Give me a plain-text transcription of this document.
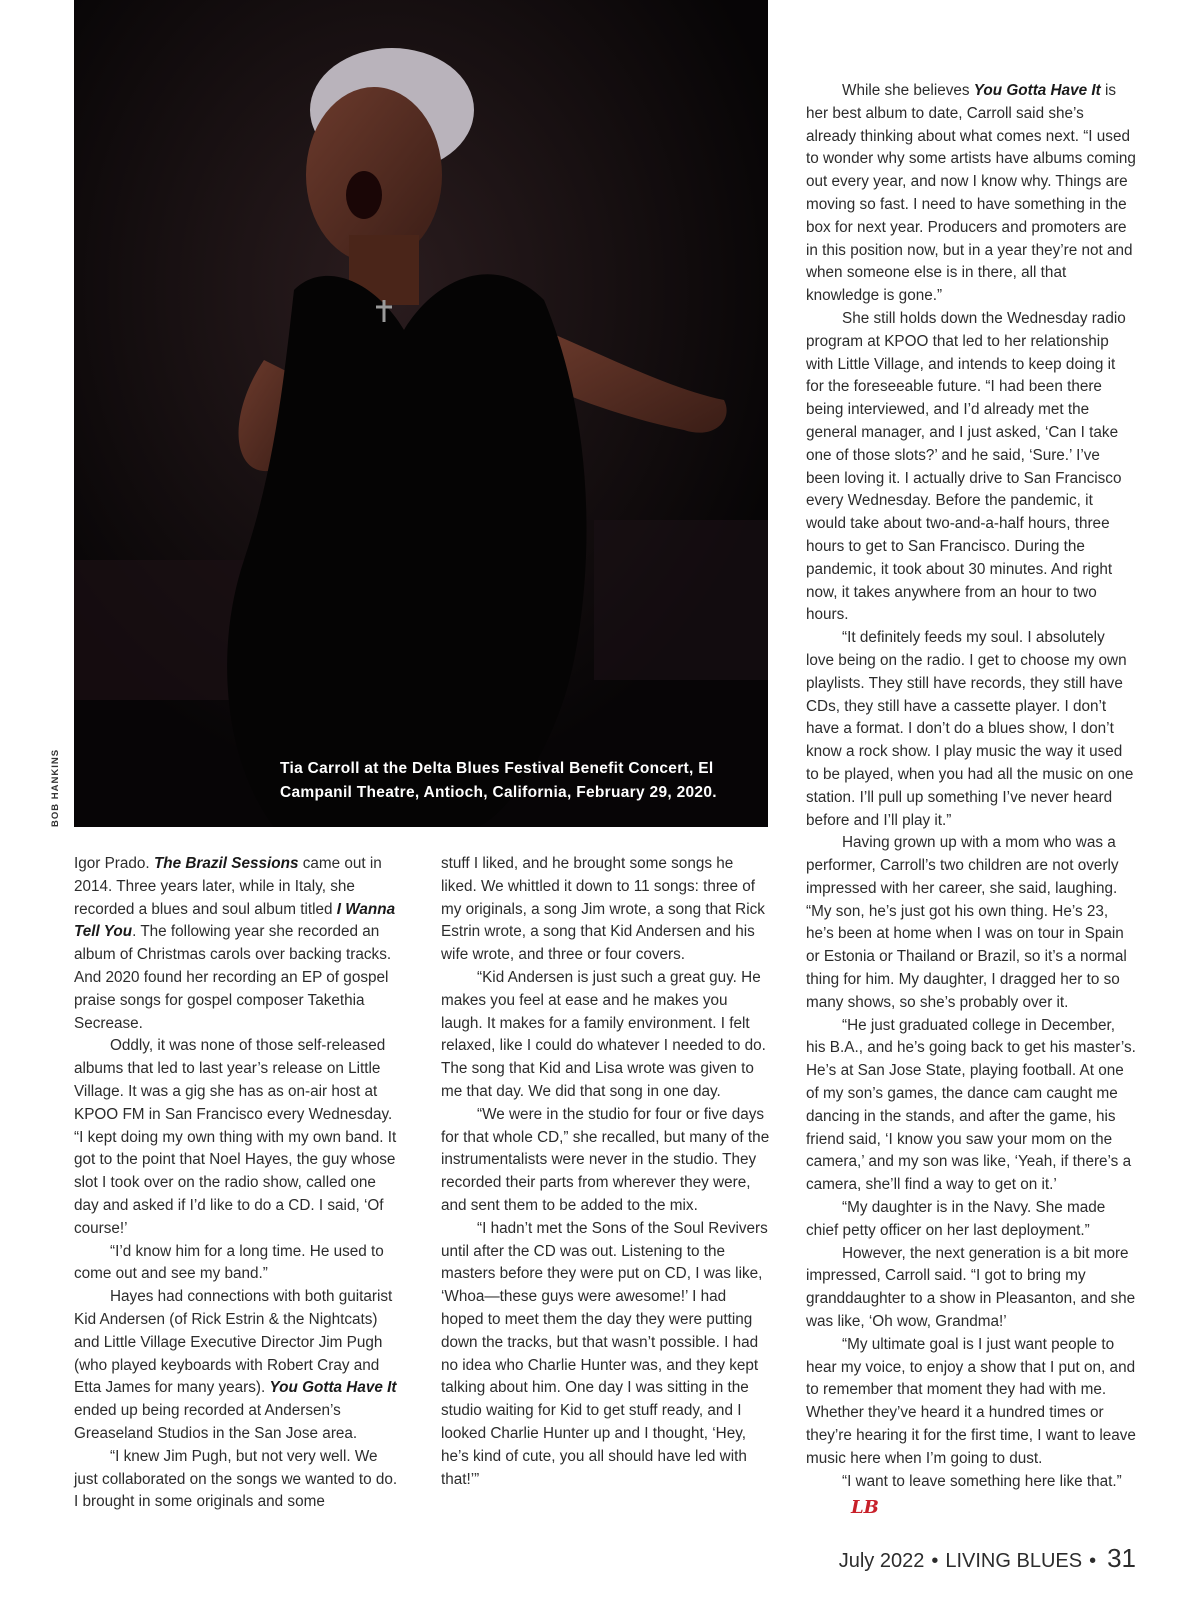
Tia Carroll at the Delta Blues Festival Benefit Concert, El Campanil Theatre, Antioch, California, February 29, 2020.
BOB HANKINS

Igor Prado. The Brazil Sessions came out in 2014. Three years later, while in Italy, she recorded a blues and soul album titled I Wanna Tell You. The following year she recorded an album of Christmas carols over backing tracks. And 2020 found her recording an EP of gospel praise songs for gospel composer Takethia Secrease.

Oddly, it was none of those self-released albums that led to last year’s release on Little Village. It was a gig she has as on-air host at KPOO FM in San Francisco every Wednesday. “I kept doing my own thing with my own band. It got to the point that Noel Hayes, the guy whose slot I took over on the radio show, called one day and asked if I’d like to do a CD. I said, ‘Of course!’

“I’d know him for a long time. He used to come out and see my band.”

Hayes had connections with both guitarist Kid Andersen (of Rick Estrin & the Nightcats) and Little Village Executive Director Jim Pugh (who played keyboards with Robert Cray and Etta James for many years). You Gotta Have It ended up being recorded at Andersen’s Greaseland Studios in the San Jose area.

“I knew Jim Pugh, but not very well. We just collaborated on the songs we wanted to do. I brought in some originals and some

stuff I liked, and he brought some songs he liked. We whittled it down to 11 songs: three of my originals, a song Jim wrote, a song that Rick Estrin wrote, a song that Kid Andersen and his wife wrote, and three or four covers.

“Kid Andersen is just such a great guy. He makes you feel at ease and he makes you laugh. It makes for a family environment. I felt relaxed, like I could do whatever I needed to do. The song that Kid and Lisa wrote was given to me that day. We did that song in one day.

“We were in the studio for four or five days for that whole CD,” she recalled, but many of the instrumentalists were never in the studio. They recorded their parts from wherever they were, and sent them to be added to the mix.

“I hadn’t met the Sons of the Soul Revivers until after the CD was out. Listening to the masters before they were put on CD, I was like, ‘Whoa—these guys were awesome!’ I had hoped to meet them the day they were putting down the tracks, but that wasn’t possible. I had no idea who Charlie Hunter was, and they kept talking about him. One day I was sitting in the studio waiting for Kid to get stuff ready, and I looked Charlie Hunter up and I thought, ‘Hey, he’s kind of cute, you all should have led with that!’”

While she believes You Gotta Have It is her best album to date, Carroll said she’s already thinking about what comes next. “I used to wonder why some artists have albums coming out every year, and now I know why. Things are moving so fast. I need to have something in the box for next year. Producers and promoters are in this position now, but in a year they’re not and when someone else is in there, all that knowledge is gone.”

She still holds down the Wednesday radio program at KPOO that led to her relationship with Little Village, and intends to keep doing it for the foreseeable future. “I had been there being interviewed, and I’d already met the general manager, and I just asked, ‘Can I take one of those slots?’ and he said, ‘Sure.’ I’ve been loving it. I actually drive to San Francisco every Wednesday. Before the pandemic, it would take about two-and-a-half hours, three hours to get to San Francisco. During the pandemic, it took about 30 minutes. And right now, it takes anywhere from an hour to two hours.

“It definitely feeds my soul. I absolutely love being on the radio. I get to choose my own playlists. They still have records, they still have CDs, they still have a cassette player. I don’t have a format. I don’t do a blues show, I don’t know a rock show. I play music the way it used to be played, when you had all the music on one station. I’ll pull up something I’ve never heard before and I’ll play it.”

Having grown up with a mom who was a performer, Carroll’s two children are not overly impressed with her career, she said, laughing. “My son, he’s just got his own thing. He’s 23, he’s been at home when I was on tour in Spain or Estonia or Thailand or Brazil, so it’s a normal thing for him. My daughter, I dragged her to so many shows, so she’s probably over it.

“He just graduated college in December, his B.A., and he’s going back to get his master’s. He’s at San Jose State, playing football. At one of my son’s games, the dance cam caught me dancing in the stands, and after the game, his friend said, ‘I know you saw your mom on the camera,’ and my son was like, ‘Yeah, if there’s a camera, she’ll find a way to get on it.’

“My daughter is in the Navy. She made chief petty officer on her last deployment.”

However, the next generation is a bit more impressed, Carroll said. “I got to bring my granddaughter to a show in Pleasanton, and she was like, ‘Oh wow, Grandma!’

“My ultimate goal is I just want people to hear my voice, to enjoy a show that I put on, and to remember that moment they had with me. Whether they’ve heard it a hundred times or they’re hearing it for the first time, I want to leave music here when I’m going to dust.

“I want to leave something here like that.”
LB

July 2022 • LIVING BLUES • 31
